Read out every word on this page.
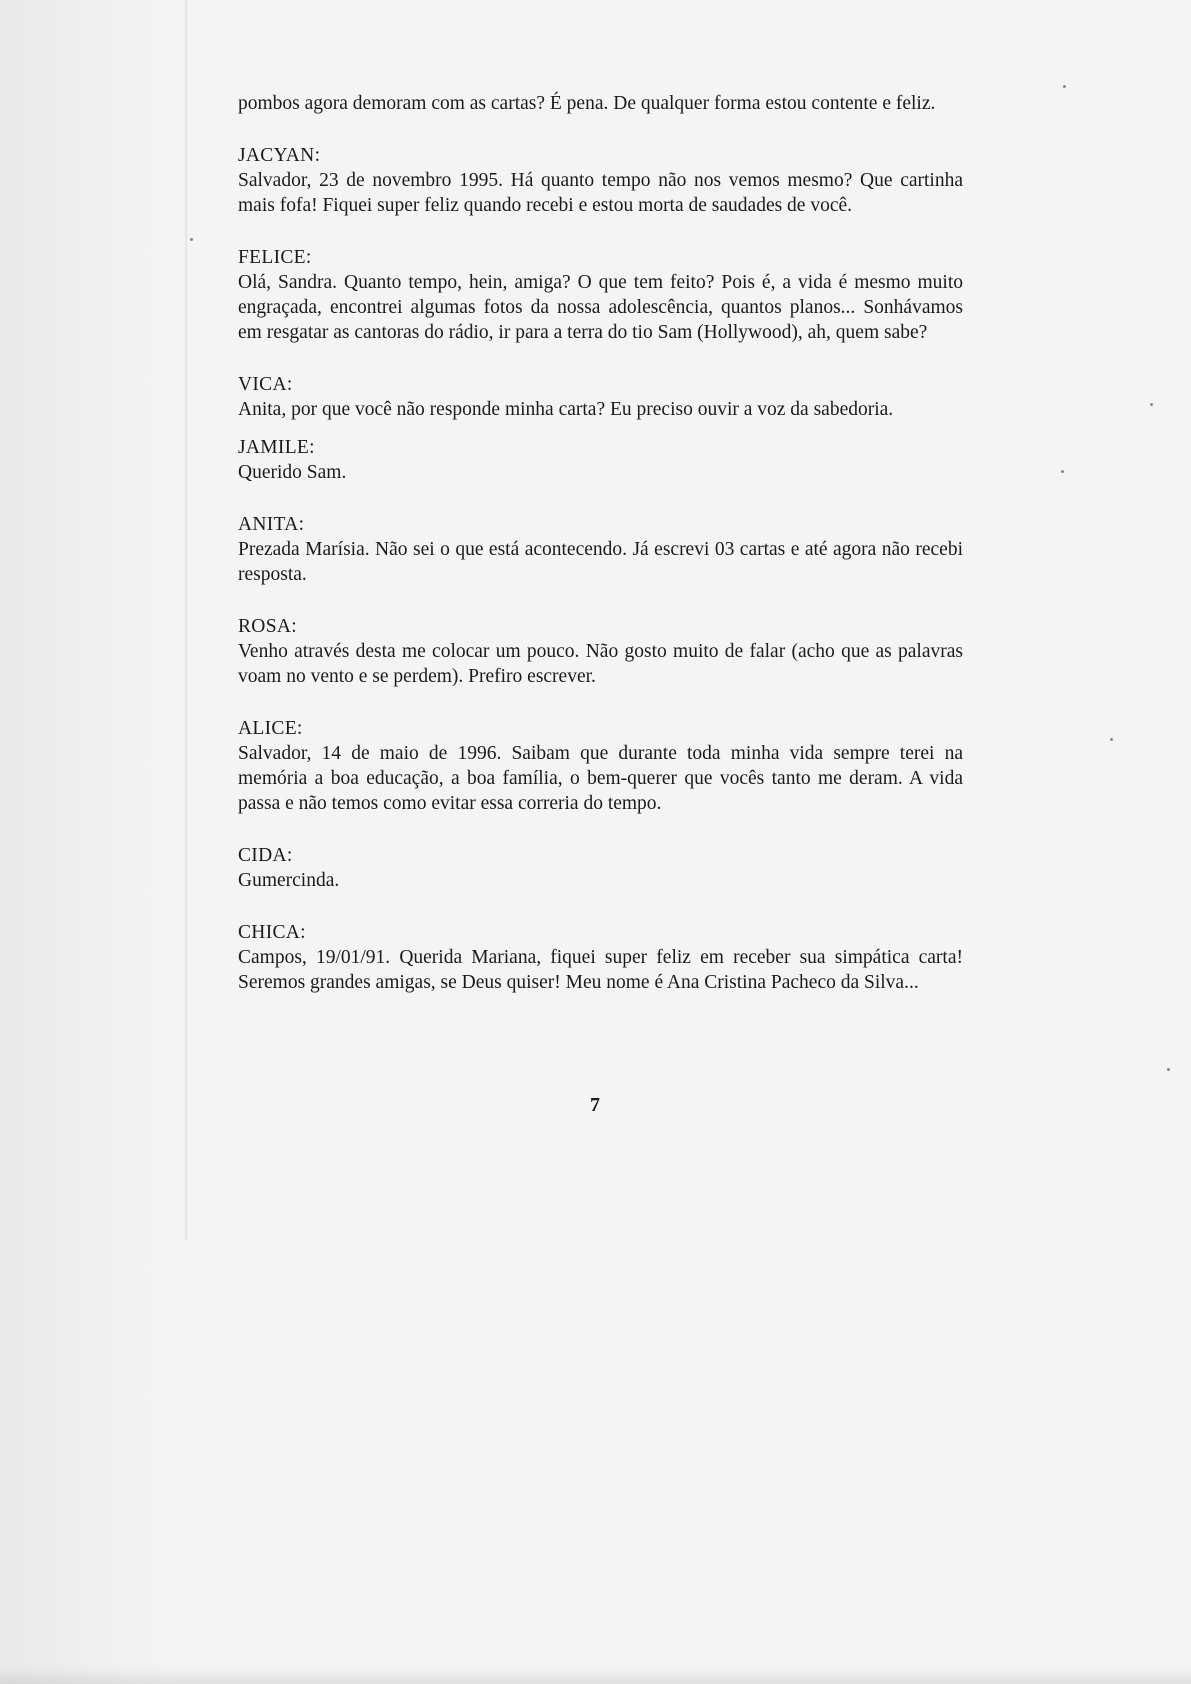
pombos agora demoram com as cartas? É pena. De qualquer forma estou contente e feliz.

JACYAN:

Salvador, 23 de novembro 1995. Há quanto tempo não nos vemos mesmo? Que cartinha mais fofa! Fiquei super feliz quando recebi e estou morta de saudades de você.

FELICE:

Olá, Sandra. Quanto tempo, hein, amiga? O que tem feito? Pois é, a vida é mesmo muito engraçada, encontrei algumas fotos da nossa adolescência, quantos planos... Sonhávamos em resgatar as cantoras do rádio, ir para a terra do tio Sam (Hollywood), ah, quem sabe?

VICA:

Anita, por que você não responde minha carta? Eu preciso ouvir a voz da sabedoria.

JAMILE:

Querido Sam.

ANITA:

Prezada Marísia. Não sei o que está acontecendo. Já escrevi 03 cartas e até agora não recebi resposta.

ROSA:

Venho através desta me colocar um pouco. Não gosto muito de falar (acho que as palavras voam no vento e se perdem). Prefiro escrever.

ALICE:

Salvador, 14 de maio de 1996. Saibam que durante toda minha vida sempre terei na memória a boa educação, a boa família, o bem-querer que vocês tanto me deram. A vida passa e não temos como evitar essa correria do tempo.

CIDA:

Gumercinda.

CHICA:

Campos, 19/01/91. Querida Mariana, fiquei super feliz em receber sua simpática carta! Seremos grandes amigas, se Deus quiser! Meu nome é Ana Cristina Pacheco da Silva...

7
